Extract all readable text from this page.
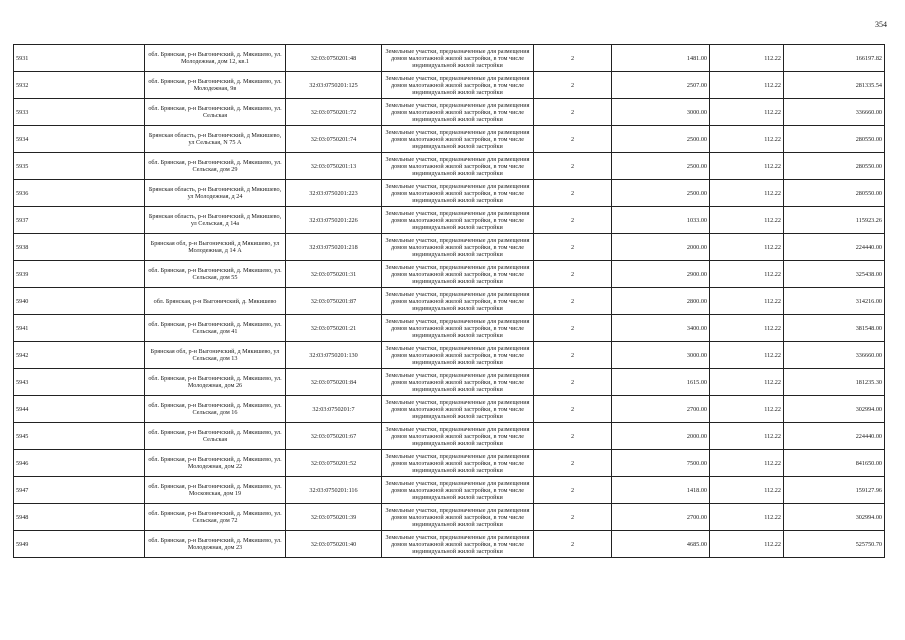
354
5931	обл. Брянская, р-н Выгоничский, д. Мякишево, ул. Молодежная, дом 12, кв.1	32:03:0750201:48	Земельные участки, предназначенные для размещения домов малоэтажной жилой застройки, в том числе индивидуальной жилой застройки	2	1481.00	112.22	166197.82
5932	обл. Брянская, р-н Выгоничский, д. Мякишево, ул. Молодежная, 9в	32:03:0750201:125	Земельные участки, предназначенные для размещения домов малоэтажной жилой застройки, в том числе индивидуальной жилой застройки	2	2507.00	112.22	281335.54
5933	обл. Брянская, р-н Выгоничский, д. Мякишево, ул. Сельская	32:03:0750201:72	Земельные участки, предназначенные для размещения домов малоэтажной жилой застройки, в том числе индивидуальной жилой застройки	2	3000.00	112.22	336660.00
5934	Брянская область, р-н Выгоничский, д Мякишево, ул Сельская, N 75 А	32:03:0750201:74	Земельные участки, предназначенные для размещения домов малоэтажной жилой застройки, в том числе индивидуальной жилой застройки	2	2500.00	112.22	280550.00
5935	обл. Брянская, р-н Выгоничский, д. Мякишево, ул. Сельская, дом 29	32:03:0750201:13	Земельные участки, предназначенные для размещения домов малоэтажной жилой застройки, в том числе индивидуальной жилой застройки	2	2500.00	112.22	280550.00
5936	Брянская область, р-н Выгоничский, д Мякишево, ул Молодежная, д 24	32:03:0750201:223	Земельные участки, предназначенные для размещения домов малоэтажной жилой застройки, в том числе индивидуальной жилой застройки	2	2500.00	112.22	280550.00
5937	Брянская область, р-н Выгоничский, д Мякишево, ул Сельская, д 14а	32:03:0750201:226	Земельные участки, предназначенные для размещения домов малоэтажной жилой застройки, в том числе индивидуальной жилой застройки	2	1033.00	112.22	115923.26
5938	Брянская обл, р-н Выгоничский, д Мякишево, ул Молодежная, д 14 А	32:03:0750201:218	Земельные участки, предназначенные для размещения домов малоэтажной жилой застройки, в том числе индивидуальной жилой застройки	2	2000.00	112.22	224440.00
5939	обл. Брянская, р-н Выгоничский, д. Мякишево, ул. Сельская, дом 55	32:03:0750201:31	Земельные участки, предназначенные для размещения домов малоэтажной жилой застройки, в том числе индивидуальной жилой застройки	2	2900.00	112.22	325438.00
5940	обл. Брянская, р-н Выгоничский, д. Мякишево	32:03:0750201:87	Земельные участки, предназначенные для размещения домов малоэтажной жилой застройки, в том числе индивидуальной жилой застройки	2	2800.00	112.22	314216.00
5941	обл. Брянская, р-н Выгоничский, д. Мякишево, ул. Сельская, дом 41	32:03:0750201:21	Земельные участки, предназначенные для размещения домов малоэтажной жилой застройки, в том числе индивидуальной жилой застройки	2	3400.00	112.22	381548.00
5942	Брянская обл, р-н Выгоничский, д Мякишево, ул Сельская, дом 13	32:03:0750201:130	Земельные участки, предназначенные для размещения домов малоэтажной жилой застройки, в том числе индивидуальной жилой застройки	2	3000.00	112.22	336660.00
5943	обл. Брянская, р-н Выгоничский, д. Мякишево, ул. Молодежная, дом 26	32:03:0750201:84	Земельные участки, предназначенные для размещения домов малоэтажной жилой застройки, в том числе индивидуальной жилой застройки	2	1615.00	112.22	181235.30
5944	обл. Брянская, р-н Выгоничский, д. Мякишево, ул. Сельская, дом 16	32:03:0750201:7	Земельные участки, предназначенные для размещения домов малоэтажной жилой застройки, в том числе индивидуальной жилой застройки	2	2700.00	112.22	302994.00
5945	обл. Брянская, р-н Выгоничский, д. Мякишево, ул. Сельская	32:03:0750201:67	Земельные участки, предназначенные для размещения домов малоэтажной жилой застройки, в том числе индивидуальной жилой застройки	2	2000.00	112.22	224440.00
5946	обл. Брянская, р-н Выгоничский, д. Мякишево, ул. Молодежная, дом 22	32:03:0750201:52	Земельные участки, предназначенные для размещения домов малоэтажной жилой застройки, в том числе индивидуальной жилой застройки	2	7500.00	112.22	841650.00
5947	обл. Брянская, р-н Выгоничский, д. Мякишево, ул. Московская, дом 19	32:03:0750201:116	Земельные участки, предназначенные для размещения домов малоэтажной жилой застройки, в том числе индивидуальной жилой застройки	2	1418.00	112.22	159127.96
5948	обл. Брянская, р-н Выгоничский, д. Мякишево, ул. Сельская, дом 72	32:03:0750201:39	Земельные участки, предназначенные для размещения домов малоэтажной жилой застройки, в том числе индивидуальной жилой застройки	2	2700.00	112.22	302994.00
5949	обл. Брянская, р-н Выгоничский, д. Мякишево, ул. Молодежная, дом 23	32:03:0750201:40	Земельные участки, предназначенные для размещения домов малоэтажной жилой застройки, в том числе индивидуальной жилой застройки	2	4685.00	112.22	525750.70
